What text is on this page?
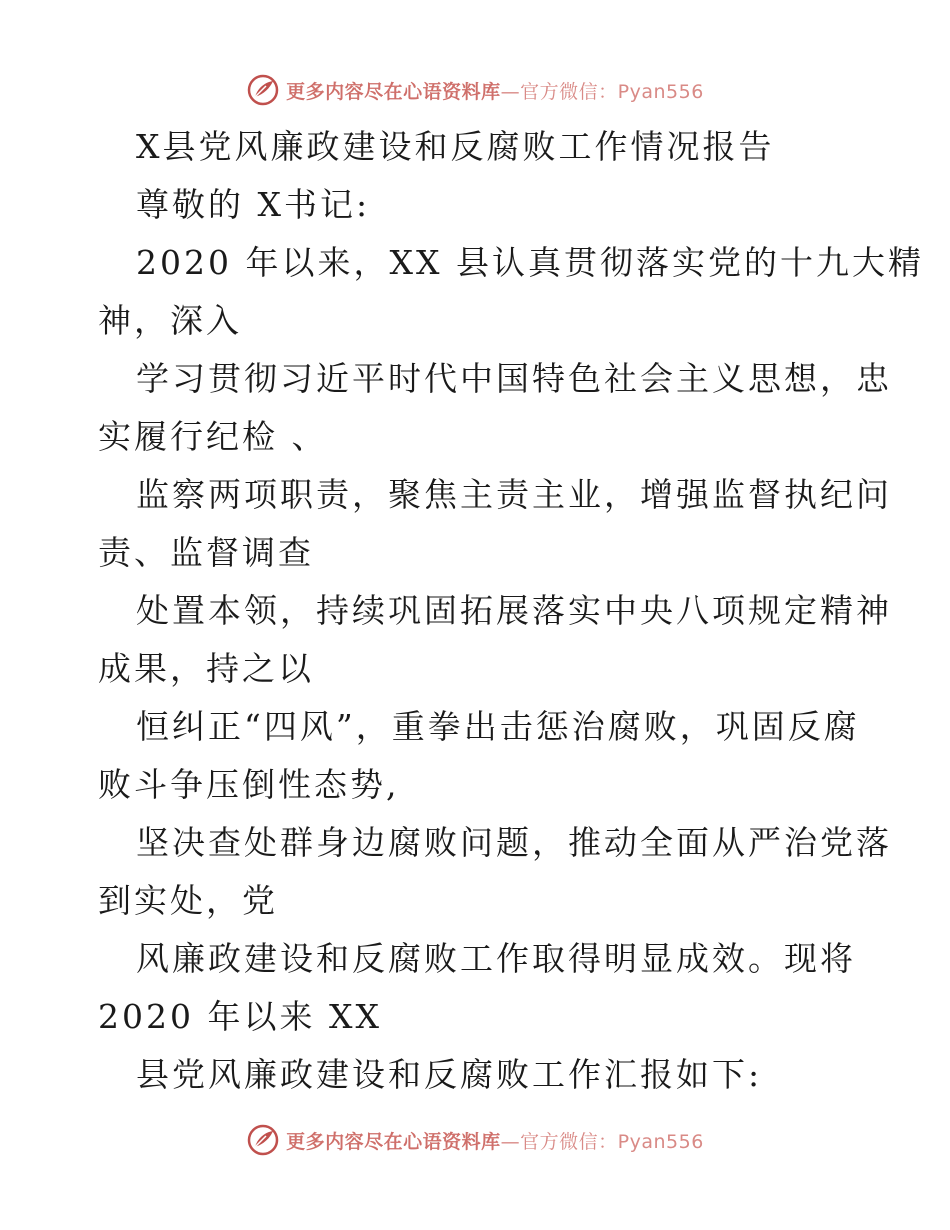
更多内容尽在心语资料库—官方微信：Pyan556
X县党风廉政建设和反腐败工作情况报告
尊敬的 X书记:
2020 年以来，XX 县认真贯彻落实党的十九大精
神，深入
学习贯彻习近平时代中国特色社会主义思想，忠
实履行纪检 、
监察两项职责，聚焦主责主业，增强监督执纪问
责、监督调查
处置本领，持续巩固拓展落实中央八项规定精神
成果，持之以
恒纠正“四风”，重拳出击惩治腐败，巩固反腐
败斗争压倒性态势,
坚决查处群身边腐败问题，推动全面从严治党落
到实处，党
风廉政建设和反腐败工作取得明显成效。现将
2020 年以来 XX
县党风廉政建设和反腐败工作汇报如下:
更多内容尽在心语资料库—官方微信：Pyan556
